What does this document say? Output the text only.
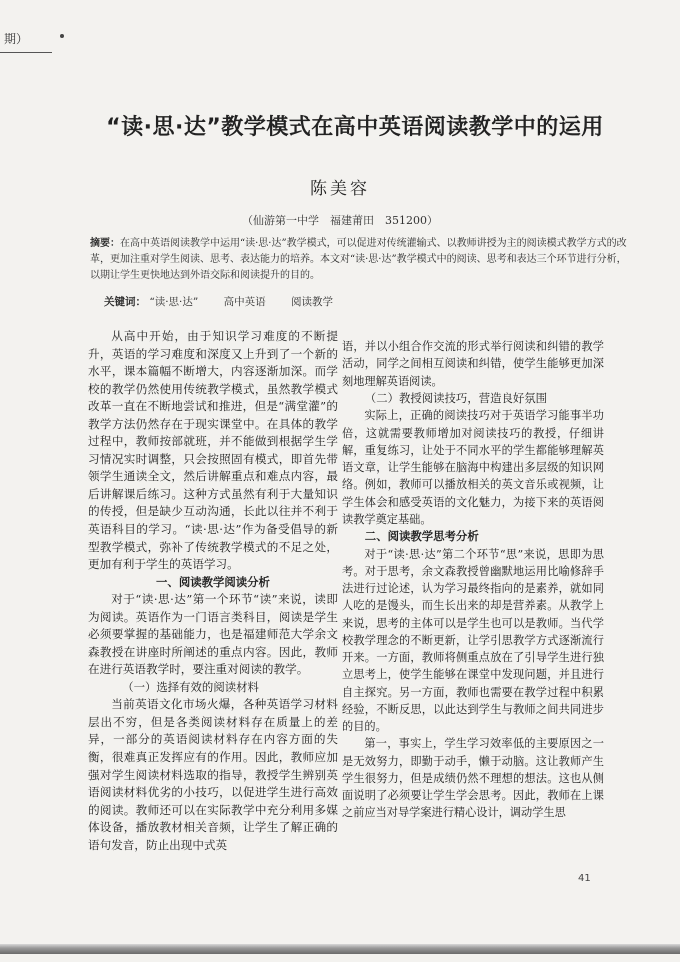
期）
“读·思·达”教学模式在高中英语阅读教学中的运用
陈美容
（仙游第一中学　福建莆田　351200）
摘要：在高中英语阅读教学中运用“读·思·达”教学模式，可以促进对传统灌输式、以教师讲授为主的阅读模式教学方式的改革，更加注重对学生阅读、思考、表达能力的培养。本文对“读·思·达”教学模式中的阅读、思考和表达三个环节进行分析，以期让学生更快地达到外语交际和阅读提升的目的。
关键词： “读·思·达” 高中英语 阅读教学

从高中开始，由于知识学习难度的不断提升，英语的学习难度和深度又上升到了一个新的水平，课本篇幅不断增大，内容逐渐加深。而学校的教学仍然使用传统教学模式，虽然教学模式改革一直在不断地尝试和推进，但是“满堂灌”的教学方法仍然存在于现实课堂中。在具体的教学过程中，教师按部就班，并不能做到根据学生学习情况实时调整，只会按照固有模式，即首先带领学生通读全文，然后讲解重点和难点内容，最后讲解课后练习。这种方式虽然有利于大量知识的传授，但是缺少互动沟通，长此以往并不利于英语科目的学习。“读·思·达”作为备受倡导的新型教学模式，弥补了传统教学模式的不足之处，更加有利于学生的英语学习。

一、阅读教学阅读分析

对于“读·思·达”第一个环节“读”来说，读即为阅读。英语作为一门语言类科目，阅读是学生必须要掌握的基础能力，也是福建师范大学余文森教授在讲座时所阐述的重点内容。因此，教师在进行英语教学时，要注重对阅读的教学。

（一）选择有效的阅读材料

当前英语文化市场火爆，各种英语学习材料层出不穷，但是各类阅读材料存在质量上的差异，一部分的英语阅读材料存在内容方面的失衡，很难真正发挥应有的作用。因此，教师应加强对学生阅读材料选取的指导，教授学生辨别英语阅读材料优劣的小技巧，以促进学生进行高效的阅读。教师还可以在实际教学中充分利用多媒体设备，播放教材相关音频，让学生了解正确的语句发音，防止出现中式英

语，并以小组合作交流的形式举行阅读和纠错的教学活动，同学之间相互阅读和纠错，使学生能够更加深刻地理解英语阅读。

（二）教授阅读技巧，营造良好氛围

实际上，正确的阅读技巧对于英语学习能事半功倍，这就需要教师增加对阅读技巧的教授，仔细讲解，重复练习，让处于不同水平的学生都能够理解英语文章，让学生能够在脑海中构建出多层级的知识网络。例如，教师可以播放相关的英文音乐或视频，让学生体会和感受英语的文化魅力，为接下来的英语阅读教学奠定基础。

二、阅读教学思考分析

对于“读·思·达”第二个环节“思”来说，思即为思考。对于思考，余文森教授曾幽默地运用比喻修辞手法进行过论述，认为学习最终指向的是素养，就如同人吃的是馒头，而生长出来的却是营养素。从教学上来说，思考的主体可以是学生也可以是教师。当代学校教学理念的不断更新，让学引思教学方式逐渐流行开来。一方面，教师将侧重点放在了引导学生进行独立思考上，使学生能够在课堂中发现问题，并且进行自主探究。另一方面，教师也需要在教学过程中积累经验，不断反思，以此达到学生与教师之间共同进步的目的。

第一，事实上，学生学习效率低的主要原因之一是无效努力，即勤于动手，懒于动脑。这让教师产生学生很努力，但是成绩仍然不理想的想法。这也从侧面说明了必须要让学生学会思考。因此，教师在上课之前应当对导学案进行精心设计，调动学生思

41
